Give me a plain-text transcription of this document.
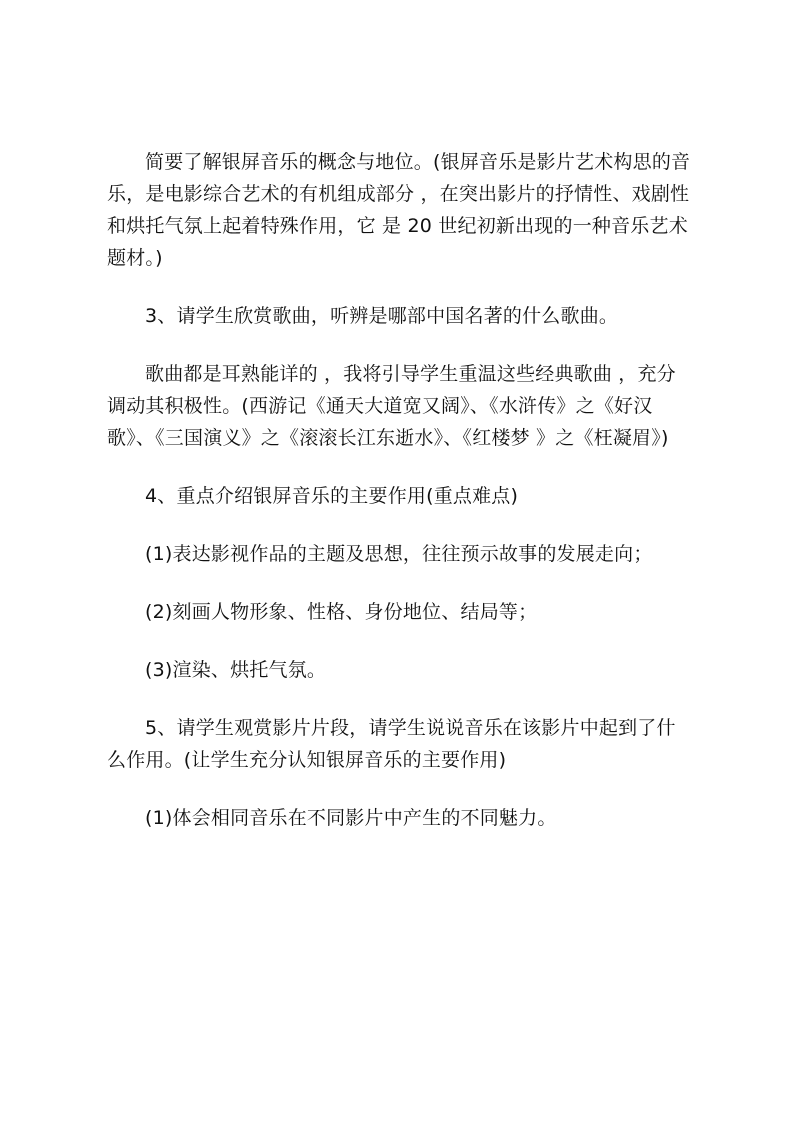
简要了解银屏音乐的概念与地位。(银屏音乐是影片艺术构思的音乐，是电影综合艺术的有机组成部分 ，在突出影片的抒情性、戏剧性和烘托气氛上起着特殊作用，它 是 20 世纪初新出现的一种音乐艺术题材。)

3、请学生欣赏歌曲，听辨是哪部中国名著的什么歌曲。

歌曲都是耳熟能详的 ，我将引导学生重温这些经典歌曲 ，充分调动其积极性。(西游记《通天大道宽又阔》、《水浒传》之《好汉歌》、《三国演义》之《滚滚长江东逝水》、《红楼梦 》之《枉凝眉》)

4、重点介绍银屏音乐的主要作用(重点难点)

(1)表达影视作品的主题及思想，往往预示故事的发展走向；

(2)刻画人物形象、性格、身份地位、结局等；

(3)渲染、烘托气氛。

5、请学生观赏影片片段，请学生说说音乐在该影片中起到了什么作用。(让学生充分认知银屏音乐的主要作用)

(1)体会相同音乐在不同影片中产生的不同魅力。
